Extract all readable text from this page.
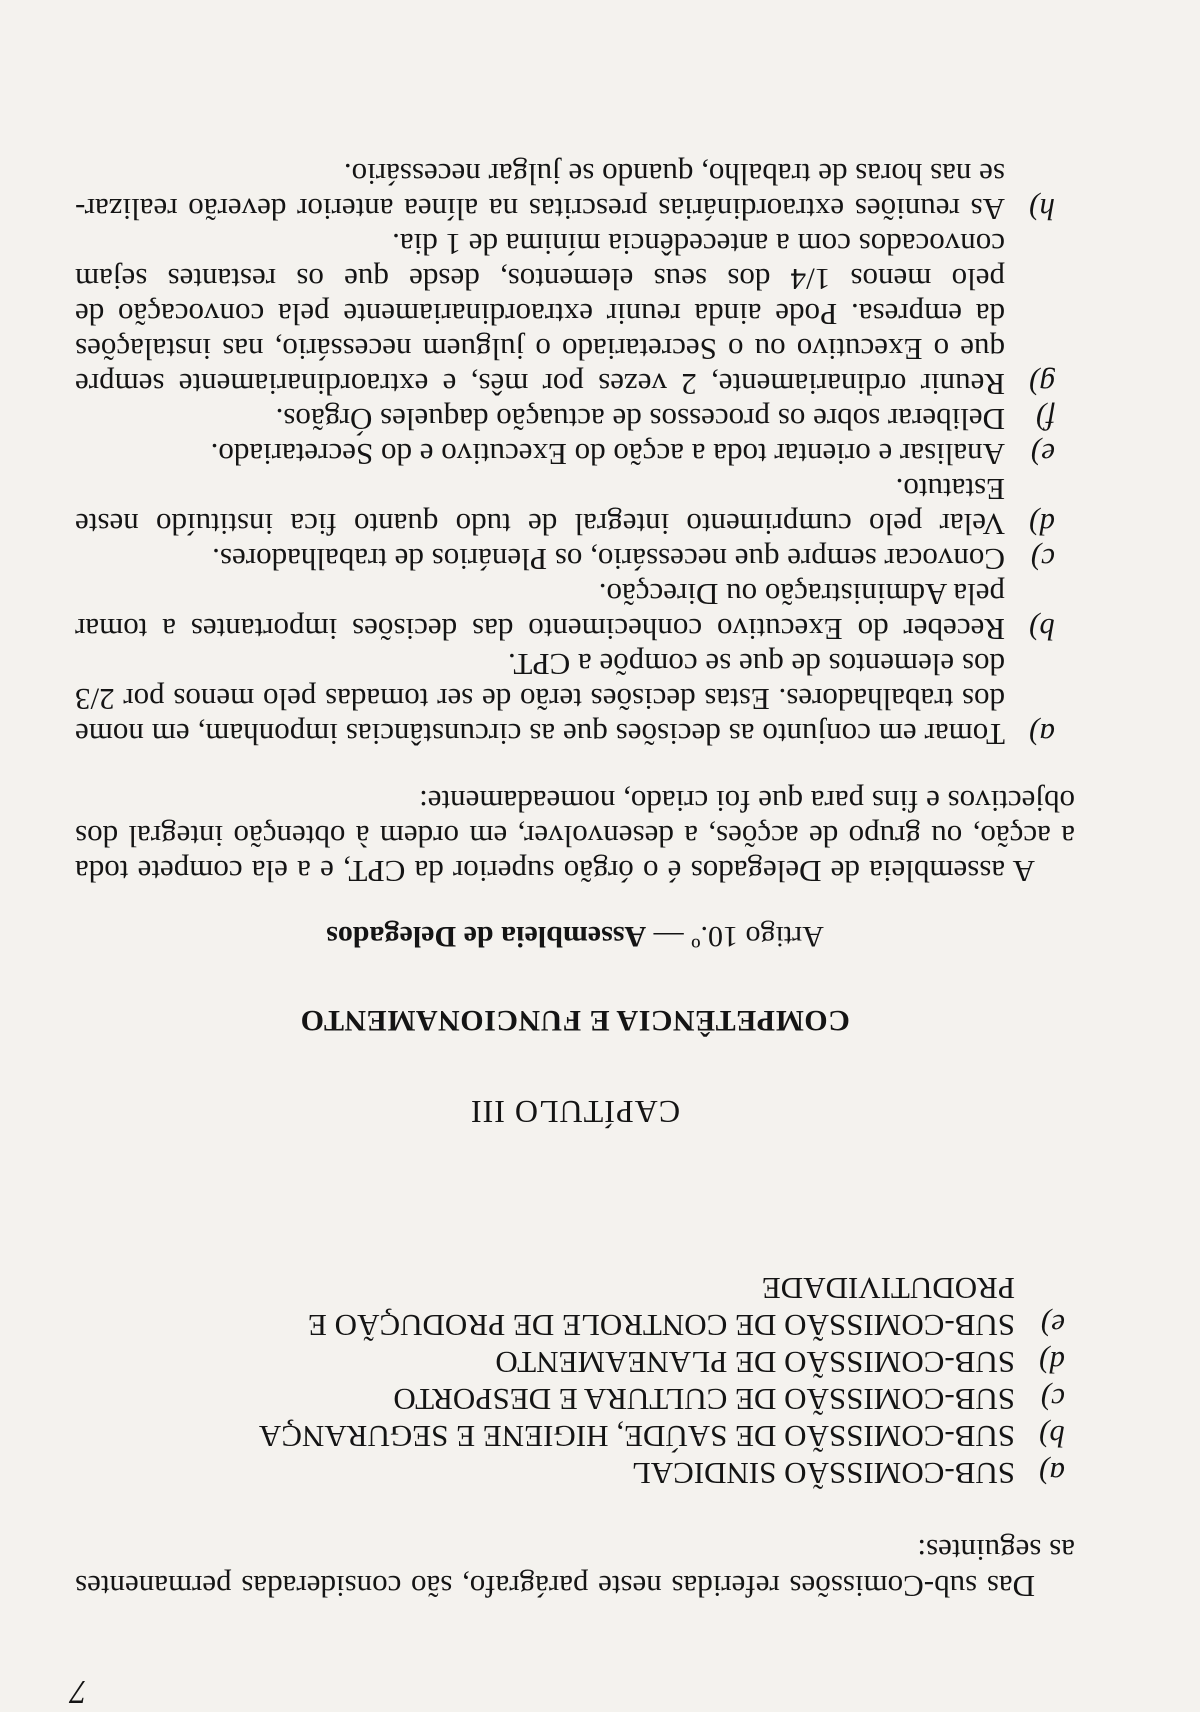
Das sub-Comissões referidas neste parágrafo, são consideradas permanentes as seguintes:

a)
SUB-COMISSÃO SINDICAL
b)
SUB-COMISSÃO DE SAÚDE, HIGIENE E SEGURANÇA
c)
SUB-COMISSÃO DE CULTURA E DESPORTO
d)
SUB-COMISSÃO DE PLANEAMENTO
e)
SUB-COMISSÃO DE CONTROLE DE PRODUÇÃO E PRODUTIVIDADE
CAPÍTULO III
COMPETÊNCIA E FUNCIONAMENTO
Artigo 10.º — Assembleia de Delegados

A assembleia de Delegados é o órgão superior da CPT, e a ela compete toda a acção, ou grupo de acções, a desenvolver, em ordem à obtenção integral dos objectivos e fins para que foi criado, nomeadamente:

a)
Tomar em conjunto as decisões que as circunstâncias imponham, em nome dos trabalhadores. Estas decisões terão de ser tomadas pelo menos por 2/3 dos elementos de que se compõe a CPT.
b)
Receber do Executivo conhecimento das decisões importantes a tomar pela Administração ou Direcção.
c)
Convocar sempre que necessário, os Plenários de trabalhadores.
d)
Velar pelo cumprimento integral de tudo quanto fica instituído neste Estatuto.
e)
Analisar e orientar toda a acção do Executivo e do Secretariado.
f)
Deliberar sobre os processos de actuação daqueles Órgãos.
g)
Reunir ordinariamente, 2 vezes por mês, e extraordinariamente sempre que o Executivo ou o Secretariado o julguem necessário, nas instalações da empresa. Pode ainda reunir extraordinariamente pela convocação de pelo menos 1/4 dos seus elementos, desde que os restantes sejam convocados com a antecedência mínima de 1 dia.
h)
As reuniões extraordinárias prescritas na alínea anterior deverão realizar-se nas horas de trabalho, quando se julgar necessário.
7
